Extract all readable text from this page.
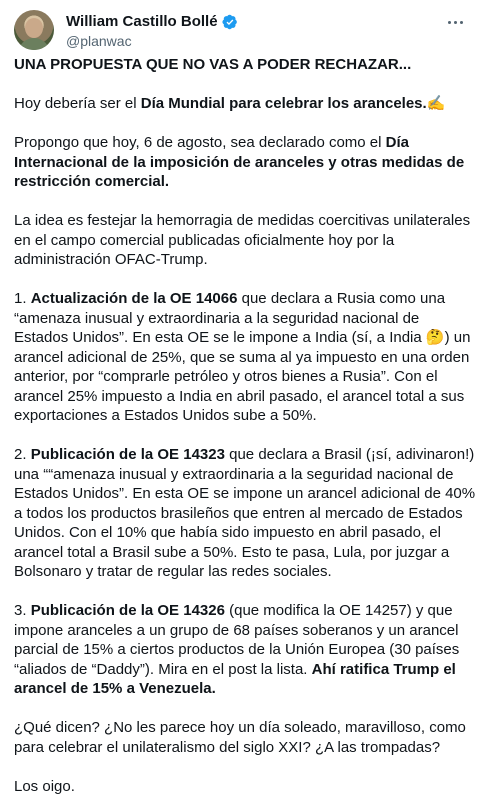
William Castillo Bollé
@planwac

UNA PROPUESTA QUE NO VAS A PODER RECHAZAR...

Hoy debería ser el Día Mundial para celebrar los aranceles.✍️

Propongo que hoy, 6 de agosto, sea declarado como el Día Internacional de la imposición de aranceles y otras medidas de restricción comercial.

La idea es festejar la hemorragia de medidas coercitivas unilaterales en el campo comercial publicadas oficialmente hoy por la administración OFAC-Trump.

1. Actualización de la OE 14066 que declara a Rusia como una “amenaza inusual y extraordinaria a la seguridad nacional de Estados Unidos”. En esta OE se le impone a India (sí, a India 🤔) un arancel adicional de 25%, que se suma al ya impuesto en una orden anterior, por “comprarle petróleo y otros bienes a Rusia”. Con el arancel 25% impuesto a India en abril pasado, el arancel total a sus exportaciones a Estados Unidos sube a 50%.

2. Publicación de la OE 14323 que declara a Brasil (¡sí, adivinaron!) una ““amenaza inusual y extraordinaria a la seguridad nacional de Estados Unidos”. En esta OE se impone un arancel adicional de 40% a todos los productos brasileños que entren al mercado de Estados Unidos. Con el 10% que había sido impuesto en abril pasado, el arancel total a Brasil sube a 50%. Esto te pasa, Lula, por juzgar a Bolsonaro y tratar de regular las redes sociales.

3. Publicación de la OE 14326 (que modifica la OE 14257) y que impone aranceles a un grupo de 68 países soberanos y un arancel parcial de 15% a ciertos productos de la Unión Europea (30 países “aliados de “Daddy”). Mira en el post la lista. Ahí ratifica Trump el arancel de 15% a Venezuela.

¿Qué dicen? ¿No les parece hoy un día soleado, maravilloso, como para celebrar el unilateralismo del siglo XXI? ¿A las trompadas?

Los oigo.
